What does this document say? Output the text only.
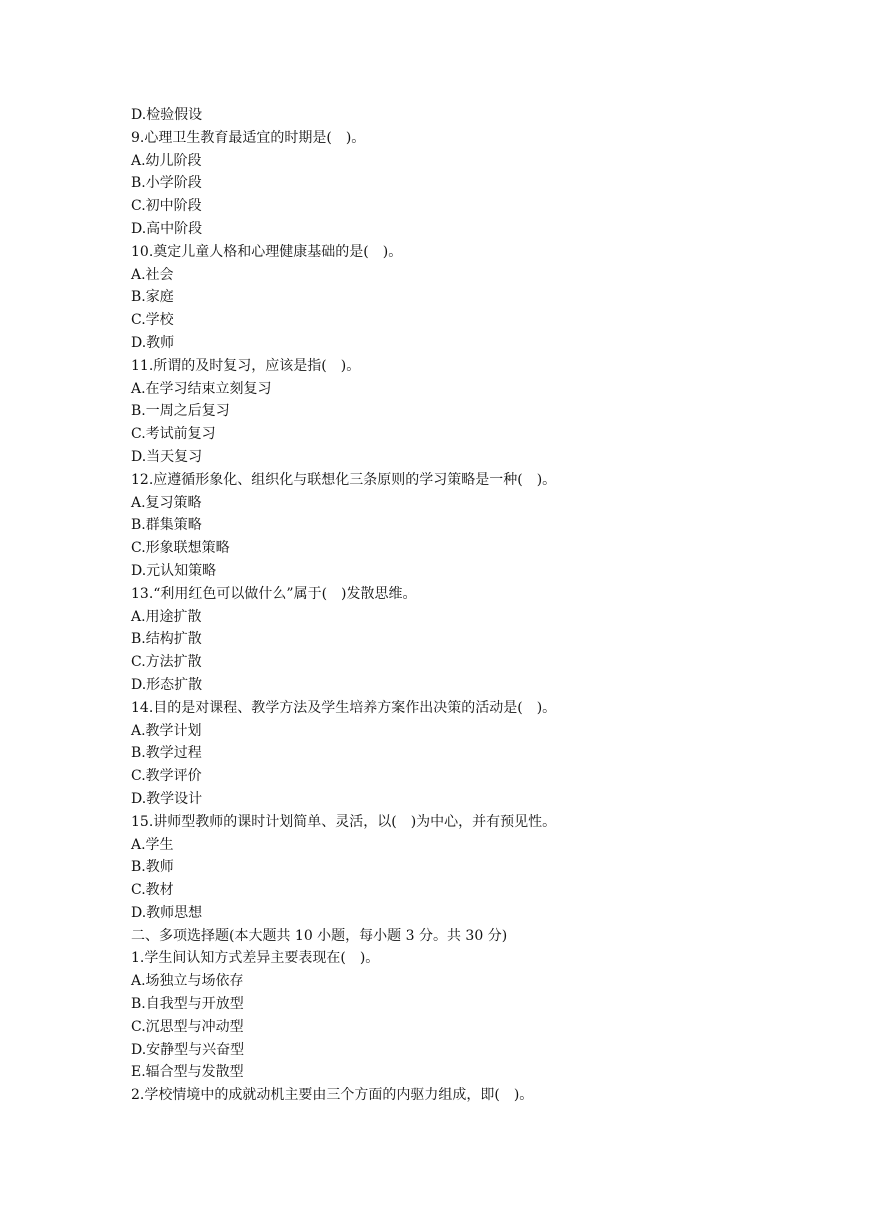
D.检验假设
9.心理卫生教育最适宜的时期是(　)。
A.幼儿阶段
B.小学阶段
C.初中阶段
D.高中阶段
10.奠定儿童人格和心理健康基础的是(　)。
A.社会
B.家庭
C.学校
D.教师
11.所谓的及时复习，应该是指(　)。
A.在学习结束立刻复习
B.一周之后复习
C.考试前复习
D.当天复习
12.应遵循形象化、组织化与联想化三条原则的学习策略是一种(　)。
A.复习策略
B.群集策略
C.形象联想策略
D.元认知策略
13.“利用红色可以做什么”属于(　)发散思维。
A.用途扩散
B.结构扩散
C.方法扩散
D.形态扩散
14.目的是对课程、教学方法及学生培养方案作出决策的活动是(　)。
A.教学计划
B.教学过程
C.教学评价
D.教学设计
15.讲师型教师的课时计划简单、灵活，以(　)为中心，并有预见性。
A.学生
B.教师
C.教材
D.教师思想
二、多项选择题(本大题共 10 小题，每小题 3 分。共 30 分)
1.学生间认知方式差异主要表现在(　)。
A.场独立与场依存
B.自我型与开放型
C.沉思型与冲动型
D.安静型与兴奋型
E.辐合型与发散型
2.学校情境中的成就动机主要由三个方面的内驱力组成，即(　)。
